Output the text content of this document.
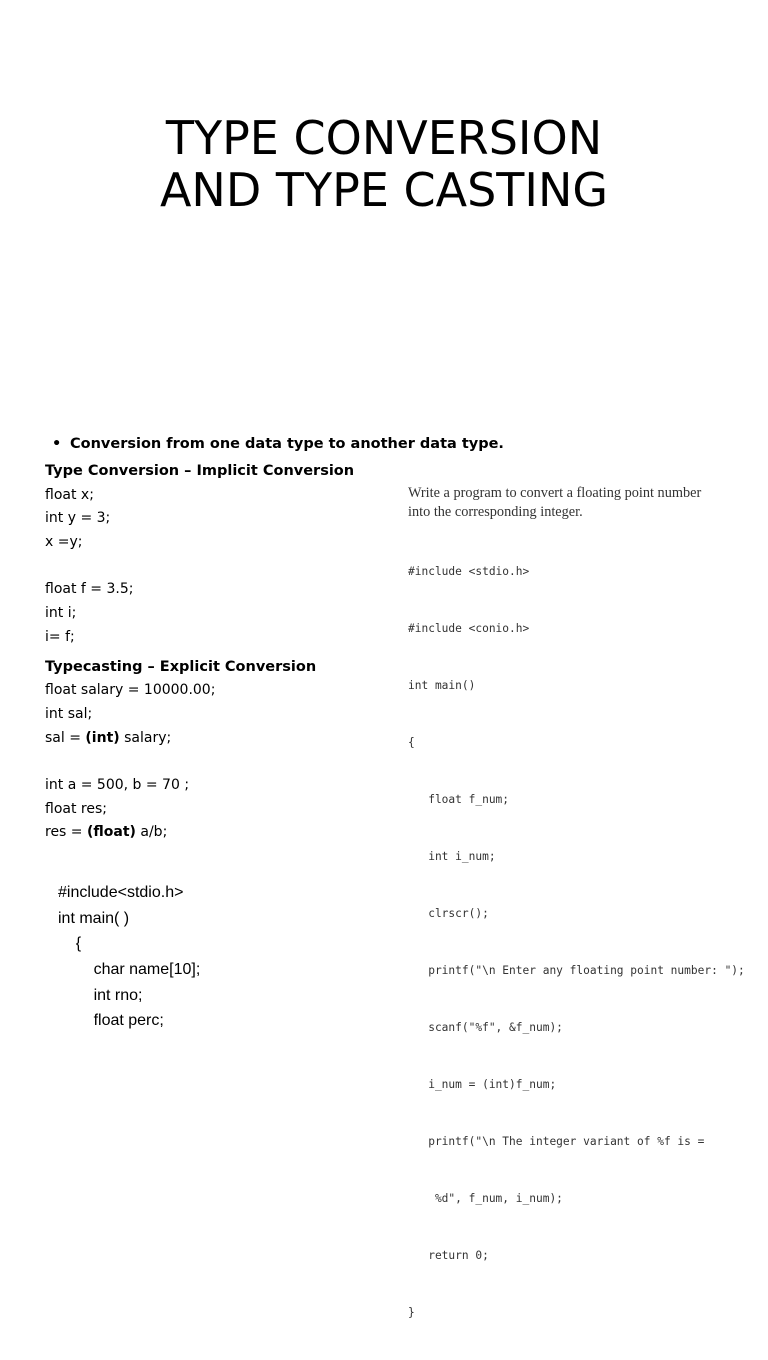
TYPE CONVERSION
AND TYPE CASTING
• Conversion from one data type to another data type.
Type Conversion – Implicit Conversion
float x;
int y = 3;
x =y;
float f = 3.5;
int i;
i= f;
Typecasting – Explicit Conversion
float salary = 10000.00;
int sal;
sal = (int) salary;
int a = 500, b = 70 ;
float res;
res = (float) a/b;
Write a program to convert a floating point number
into the corresponding integer.

#include <stdio.h>

#include <conio.h>

int main()

{

float f_num;

int i_num;

clrscr();

printf("\n Enter any floating point number: ");

scanf("%f", &f_num);

i_num = (int)f_num;

printf("\n The integer variant of %f is =

%d", f_num, i_num);

return 0;

}

#include<stdio.h>
int main( )
{
char name[10];
int rno;
float perc;
